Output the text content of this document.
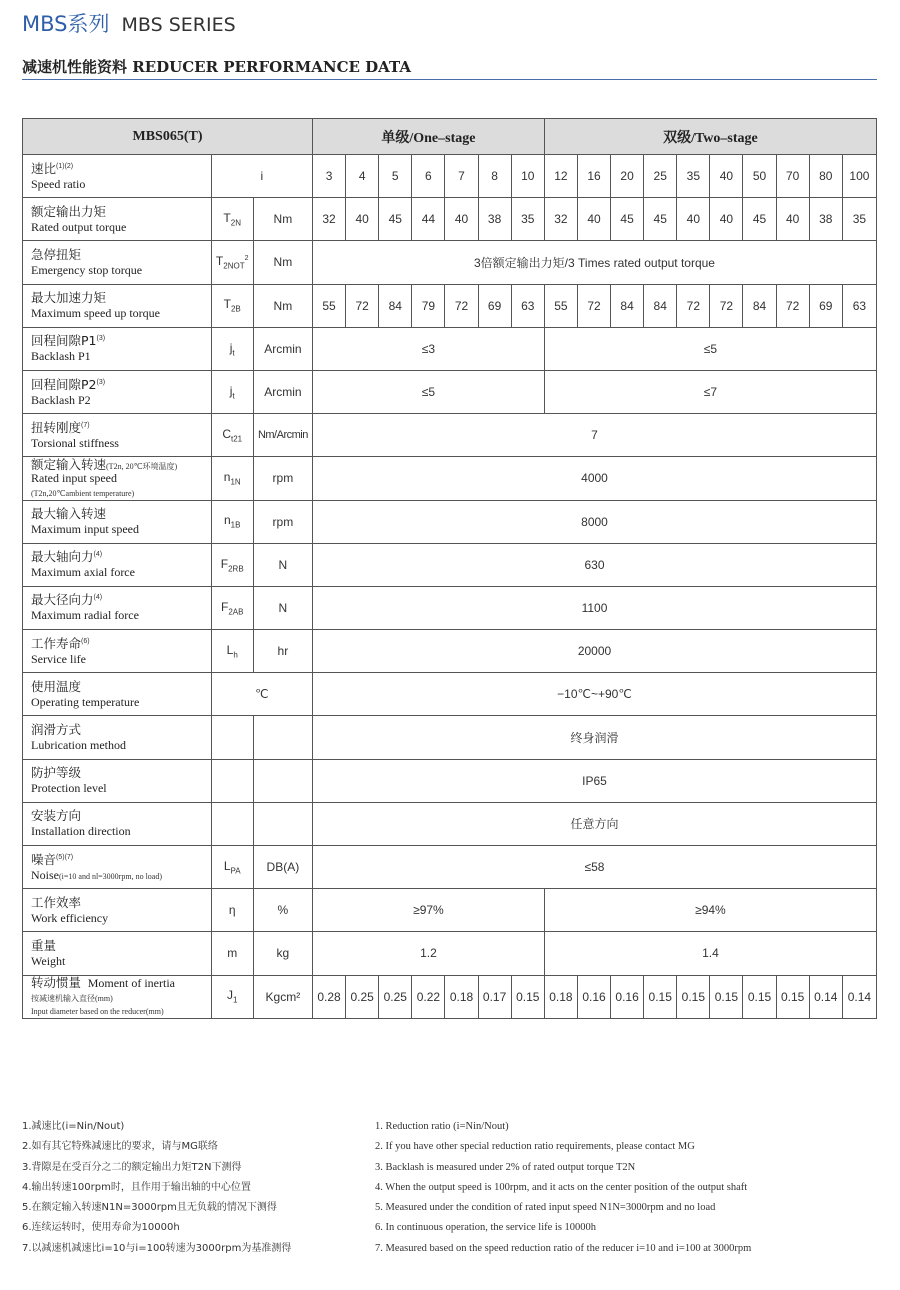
MBS系列 MBS SERIES
减速机性能资料 REDUCER PERFORMANCE DATA
MBS065(T)			单级/One–stage							双级/Two–stage									
速比$^{(1)(2)}$
Speed ratio	i		3	4	5	6	7	8	10	12	16	20	25	35	40	50	70	80	100
额定输出力矩
Rated output torque	$T_{2N}$	Nm	32	40	45	44	40	38	35	32	40	45	45	40	40	45	40	38	35
急停扭矩
Emergency stop torque	$T_{2NOT}^2$	Nm	3倍额定输出力矩/3 Times rated output torque																
最大加速力矩
Maximum speed up torque	$T_{2B}$	Nm	55	72	84	79	72	69	63	55	72	84	84	72	72	84	72	69	63
回程间隙P1$^{(3)}$
Backlash P1	$j_t$	Arcmin	≤3							≤5									
回程间隙P2$^{(3)}$
Backlash P2	$j_t$	Arcmin	≤5							≤7									
扭转刚度$^{(7)}$
Torsional stiffness	$C_{t21}$	Nm/Arcmin	7																
额定输入转速(T2n, 20℃环境温度)
Rated input speed
(T2n,20℃ambient temperature)	$n_{1N}$	rpm	4000																
最大输入转速
Maximum input speed	$n_{1B}$	rpm	8000																
最大轴向力$^{(4)}$
Maximum axial force	$F_{2RB}$	N	630																
最大径向力$^{(4)}$
Maximum radial force	$F_{2AB}$	N	1100																
工作寿命$^{(6)}$
Service life	$L_h$	hr	20000																
使用温度
Operating temperature	℃		−10℃~+90℃																
润滑方式
Lubrication method			终身润滑																
防护等级
Protection level			IP65																
安装方向
Installation direction			任意方向																
噪音$^{(5)(7)}$
Noise(i=10 and nl=3000rpm, no load)	$L_{PA}$	DB(A)	≤58																
工作效率
Work efficiency	η	%	≥97%							≥94%									
重量
Weight	m	kg	1.2							1.4									
转动惯量 Moment of inertia
按减速机输入直径(mm)
Input diameter based on the reducer(mm)	$J_1$	Kgcm²	0.28	0.25	0.25	0.22	0.18	0.17	0.15	0.18	0.16	0.16	0.15	0.15	0.15	0.15	0.15	0.14	0.14
1.减速比(i=Nin/Nout)
2.如有其它特殊减速比的要求，请与MG联络
3.背隙是在受百分之二的额定输出力矩T2N下测得
4.输出转速100rpm时，且作用于输出轴的中心位置
5.在额定输入转速N1N=3000rpm且无负载的情况下测得
6.连续运转时，使用寿命为10000h
7.以减速机减速比i=10与i=100转速为3000rpm为基准测得
1. Reduction ratio (i=Nin/Nout)
2. If you have other special reduction ratio requirements, please contact MG
3. Backlash is measured under 2% of rated output torque T2N
4. When the output speed is 100rpm, and it acts on the center position of the output shaft
5. Measured under the condition of rated input speed N1N=3000rpm and no load
6. In continuous operation, the service life is 10000h
7. Measured based on the speed reduction ratio of the reducer i=10 and i=100 at 3000rpm
